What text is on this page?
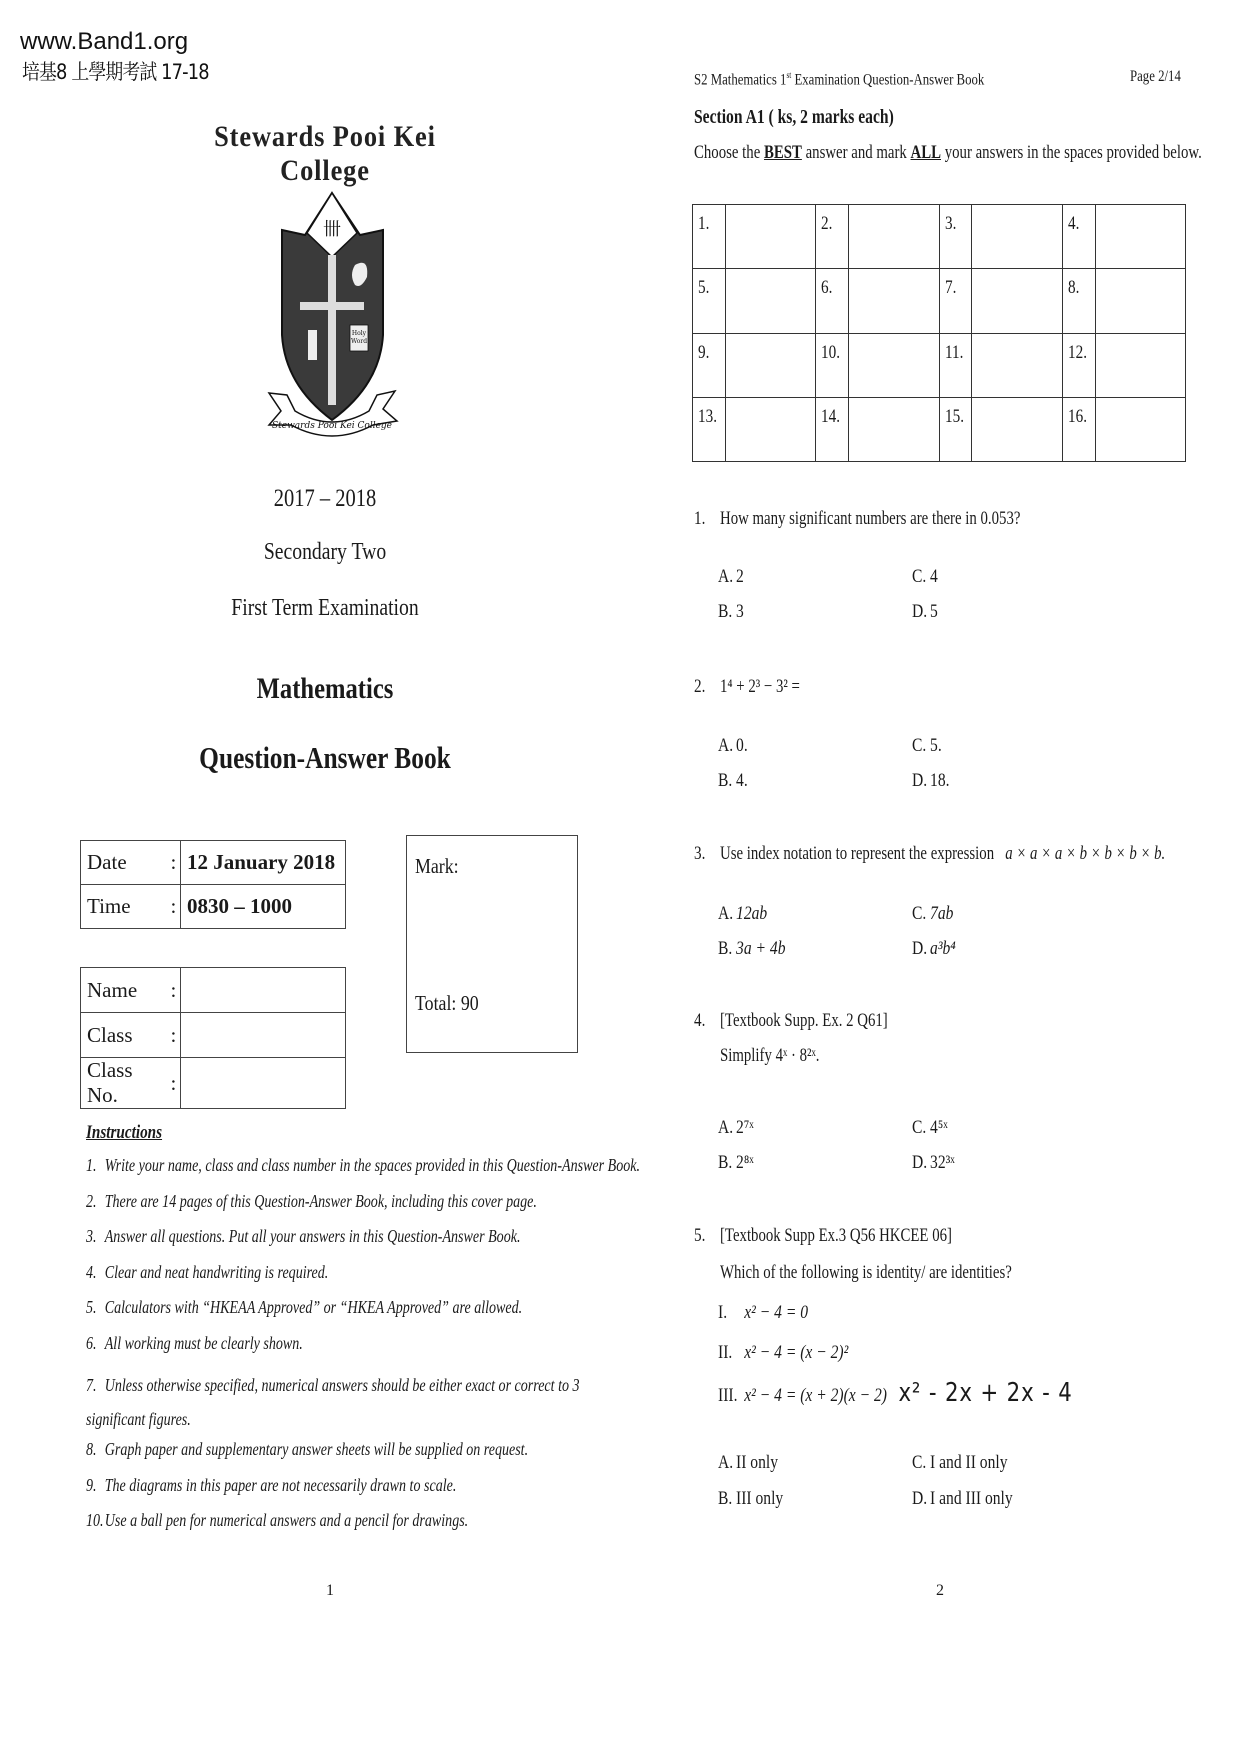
www.Band1.org
培基8 上學期考試 17-18
Stewards Pooi Kei College
卌
Holy
Word
Stewards Pooi Kei College
2017 – 2018
Secondary Two
First Term Examination
Mathematics
Question-Answer Book
Date	:	12 January 2018
Time	:	0830 – 1000
Name	:	
Class	:	
Class No.	:	
Mark:
Total: 90
Instructions
1. Write your name, class and class number in the spaces provided in this Question-Answer Book.
2. There are 14 pages of this Question-Answer Book, including this cover page.
3. Answer all questions. Put all your answers in this Question-Answer Book.
4. Clear and neat handwriting is required.
5. Calculators with “HKEAA Approved” or “HKEA Approved” are allowed.
6. All working must be clearly shown.
7. Unless otherwise specified, numerical answers should be either exact or correct to 3 significant figures.
8. Graph paper and supplementary answer sheets will be supplied on request.
9. The diagrams in this paper are not necessarily drawn to scale.
10.Use a ball pen for numerical answers and a pencil for drawings.
1
S2 Mathematics 1st Examination Question-Answer Book	Page 2/14
Section A1 ( ks, 2 marks each)
Choose the BEST answer and mark ALL your answers in the spaces provided below.
1.		2.		3.		4.	
5.		6.		7.		8.	
9.		10.		11.		12.	
13.		14.		15.		16.	
1. How many significant numbers are there in 0.053?
A. 2	C. 4
B. 3	D. 5
2. 1⁴ + 2³ − 3² =
A. 0.	C. 5.
B. 4.	D. 18.
3. Use index notation to represent the expression a × a × a × b × b × b × b.
A. 12ab	C. 7ab
B. 3a + 4b	D. a³b⁴
4. [Textbook Supp. Ex. 2 Q61]
Simplify 4ˣ · 8²ˣ.
A. 2⁷ˣ	C. 4⁵ˣ
B. 2⁸ˣ	D. 32³ˣ
5. [Textbook Supp Ex.3 Q56 HKCEE 06]
Which of the following is identity/ are identities?
I. x² − 4 = 0
II. x² − 4 = (x − 2)²
III. x² − 4 = (x + 2)(x − 2) x² - 2x + 2x - 4
A. II only	C. I and II only
B. III only	D. I and III only
2
